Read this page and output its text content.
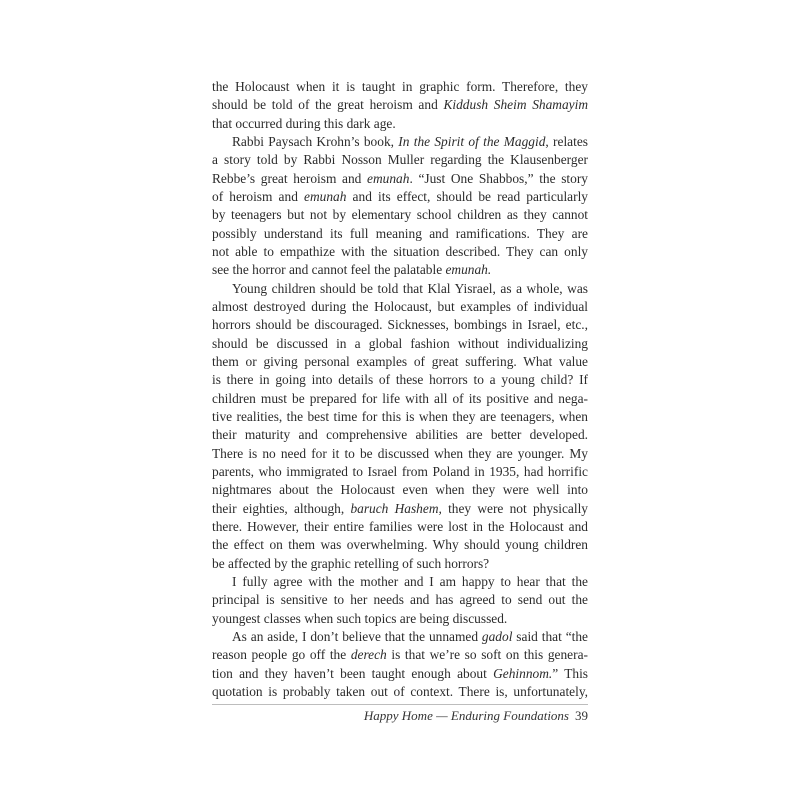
the Holocaust when it is taught in graphic form. Therefore, they
should be told of the great heroism and Kiddush Sheim Shamayim
that occurred during this dark age.
Rabbi Paysach Krohn’s book, In the Spirit of the Maggid, relates
a story told by Rabbi Nosson Muller regarding the Klausenberger
Rebbe’s great heroism and emunah. “Just One Shabbos,” the story
of heroism and emunah and its effect, should be read particularly
by teenagers but not by elementary school children as they cannot
possibly understand its full meaning and ramifications. They are
not able to empathize with the situation described. They can only
see the horror and cannot feel the palatable emunah.
Young children should be told that Klal Yisrael, as a whole, was
almost destroyed during the Holocaust, but examples of individual
horrors should be discouraged. Sicknesses, bombings in Israel, etc.,
should be discussed in a global fashion without individualizing
them or giving personal examples of great suffering. What value
is there in going into details of these horrors to a young child? If
children must be prepared for life with all of its positive and nega-
tive realities, the best time for this is when they are teenagers, when
their maturity and comprehensive abilities are better developed.
There is no need for it to be discussed when they are younger. My
parents, who immigrated to Israel from Poland in 1935, had horrific
nightmares about the Holocaust even when they were well into
their eighties, although, baruch Hashem, they were not physically
there. However, their entire families were lost in the Holocaust and
the effect on them was overwhelming. Why should young children
be affected by the graphic retelling of such horrors?
I fully agree with the mother and I am happy to hear that the
principal is sensitive to her needs and has agreed to send out the
youngest classes when such topics are being discussed.
As an aside, I don’t believe that the unnamed gadol said that “the
reason people go off the derech is that we’re so soft on this genera-
tion and they haven’t been taught enough about Gehinnom.” This
quotation is probably taken out of context. There is, unfortunately,
Happy Home — Enduring Foundations 39
